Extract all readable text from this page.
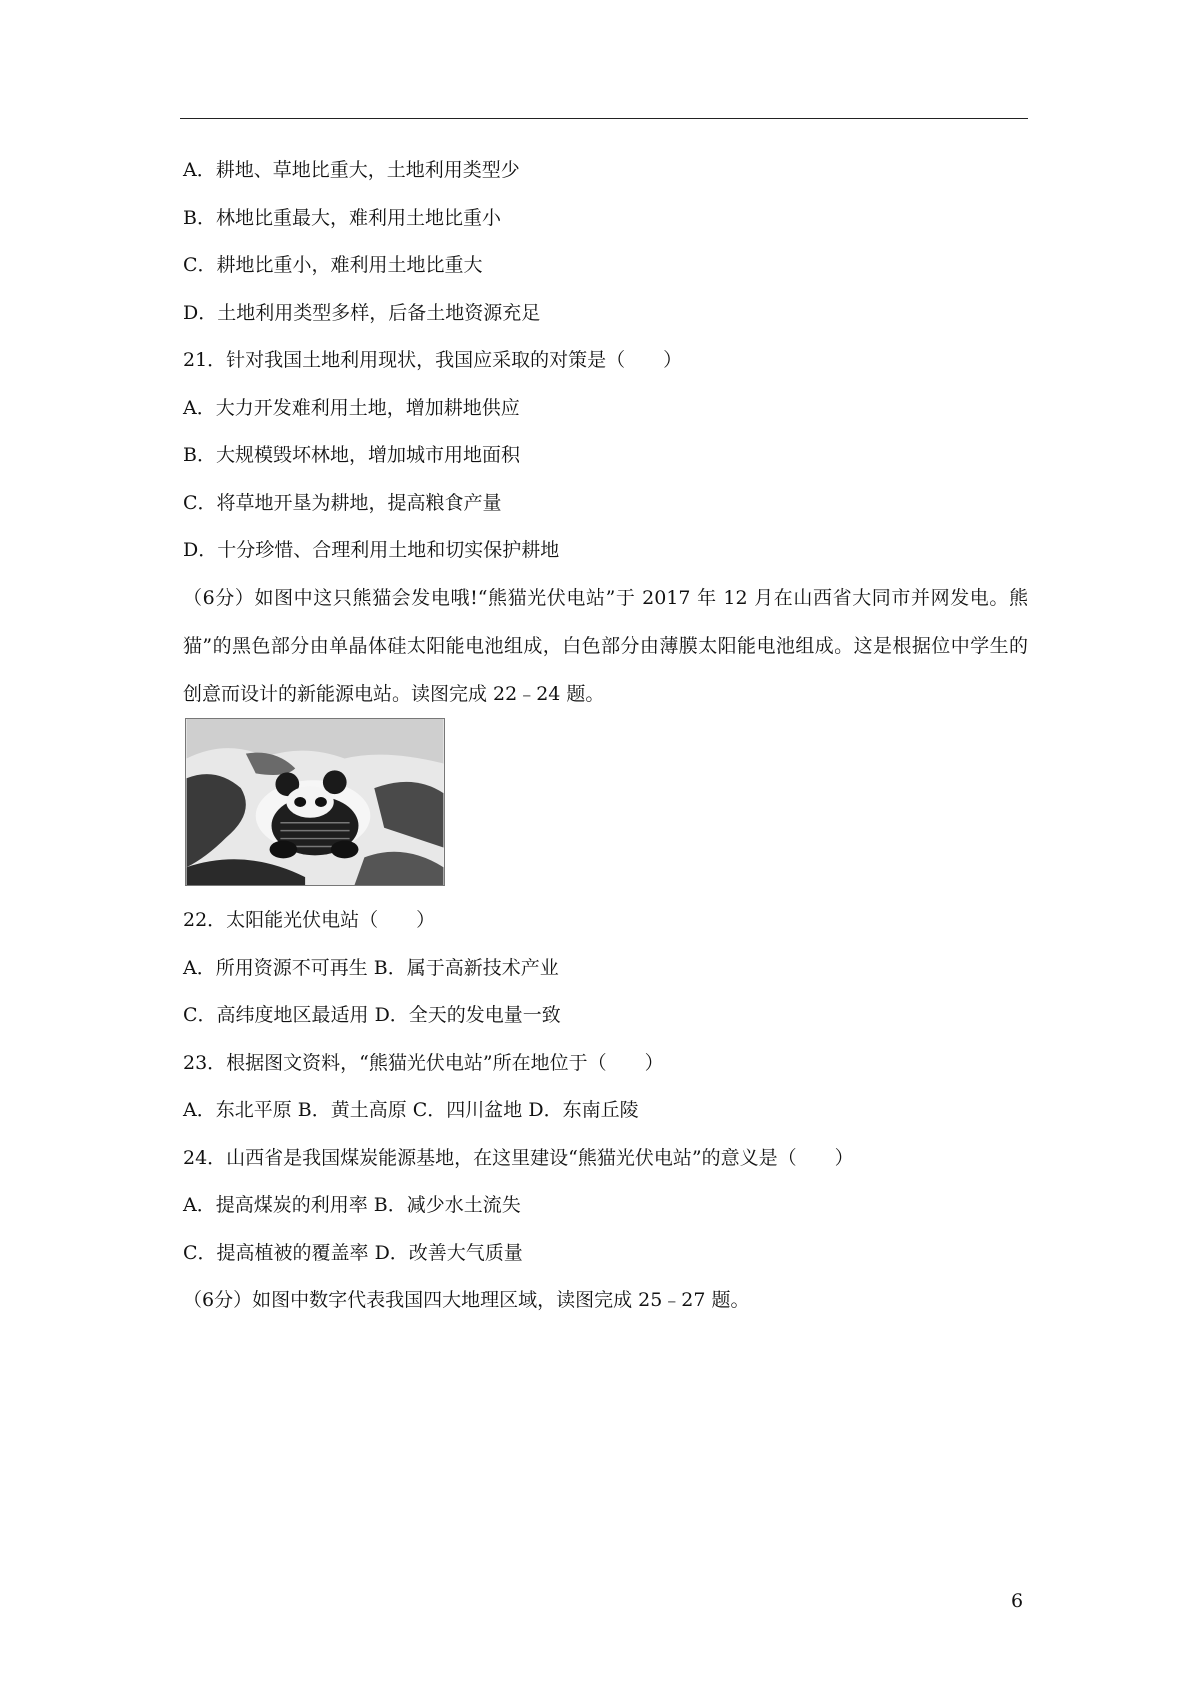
A．耕地、草地比重大，土地利用类型少
B．林地比重最大，难利用土地比重小
C．耕地比重小，难利用土地比重大
D．土地利用类型多样，后备土地资源充足
21．针对我国土地利用现状，我国应采取的对策是（　　）
A．大力开发难利用土地，增加耕地供应
B．大规模毁坏林地，增加城市用地面积
C．将草地开垦为耕地，提高粮食产量
D．十分珍惜、合理利用土地和切实保护耕地
（6分）如图中这只熊猫会发电哦!“熊猫光伏电站”于 2017 年 12 月在山西省大同市并网发电。熊猫”的黑色部分由单晶体硅太阳能电池组成，白色部分由薄膜太阳能电池组成。这是根据位中学生的创意而设计的新能源电站。读图完成 22﹣24 题。
22．太阳能光伏电站（　　）
A．所用资源不可再生 B．属于高新技术产业
C．高纬度地区最适用 D．全天的发电量一致
23．根据图文资料，“熊猫光伏电站”所在地位于（　　）
A．东北平原 B．黄土高原 C．四川盆地 D．东南丘陵
24．山西省是我国煤炭能源基地，在这里建设“熊猫光伏电站”的意义是（　　）
A．提高煤炭的利用率 B．减少水土流失
C．提高植被的覆盖率 D．改善大气质量
（6分）如图中数字代表我国四大地理区域，读图完成 25﹣27 题。
6
